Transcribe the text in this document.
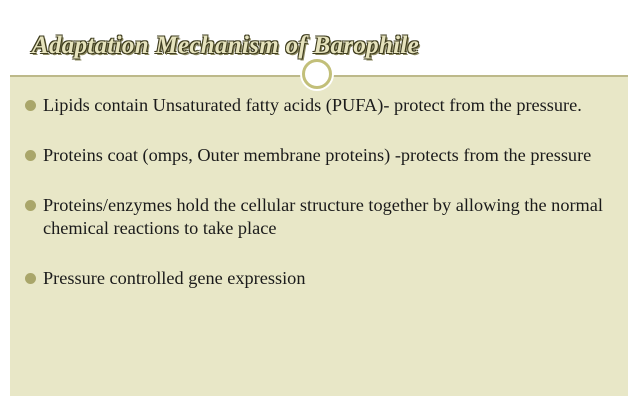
Adaptation Mechanism of Barophile
Lipids contain Unsaturated fatty acids (PUFA)- protect from the pressure.
Proteins coat (omps, Outer membrane proteins) -protects from the pressure
Proteins/enzymes hold the cellular structure together by allowing the normal chemical reactions to take place
Pressure controlled gene expression
